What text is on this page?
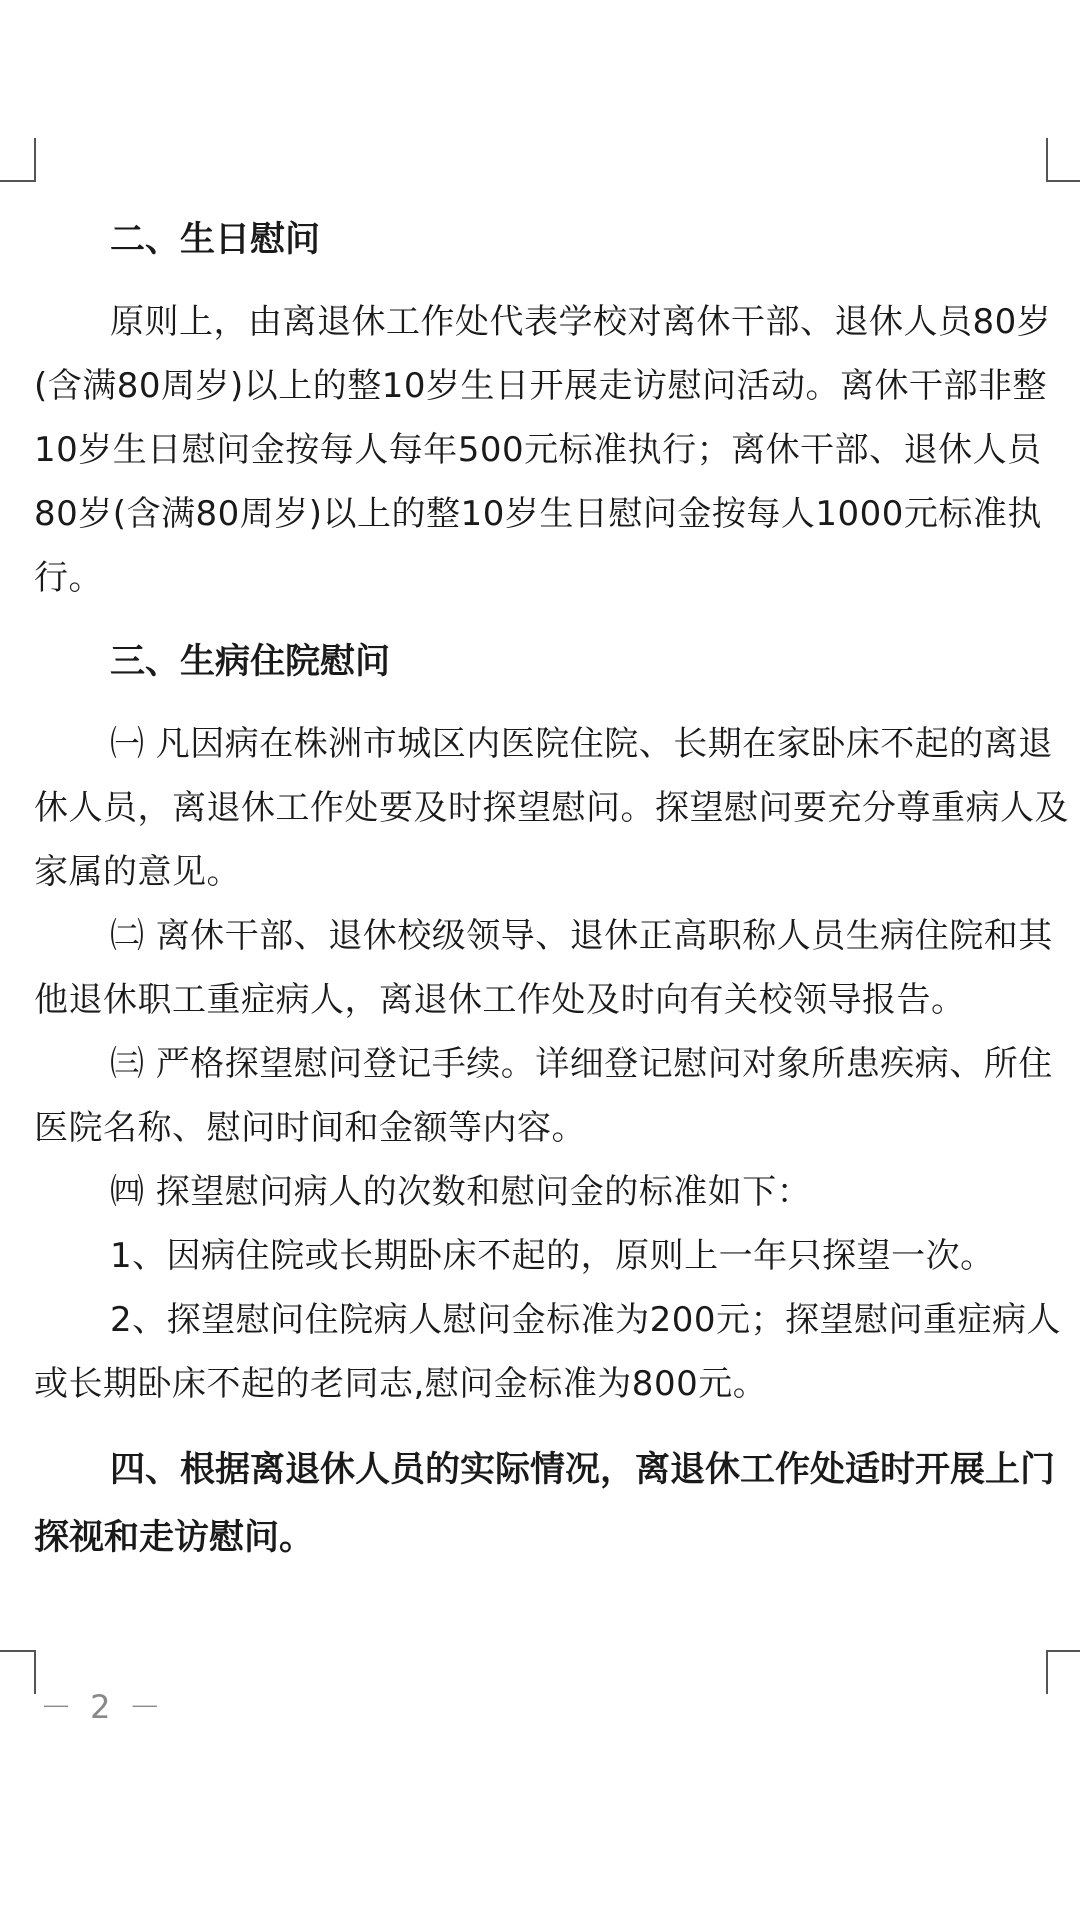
二、生日慰问

原则上，由离退休工作处代表学校对离休干部、退休人员80岁(含满80周岁)以上的整10岁生日开展走访慰问活动。离休干部非整10岁生日慰问金按每人每年500元标准执行；离休干部、退休人员80岁(含满80周岁)以上的整10岁生日慰问金按每人1000元标准执行。

三、生病住院慰问

㈠ 凡因病在株洲市城区内医院住院、长期在家卧床不起的离退休人员，离退休工作处要及时探望慰问。探望慰问要充分尊重病人及家属的意见。

㈡ 离休干部、退休校级领导、退休正高职称人员生病住院和其他退休职工重症病人，离退休工作处及时向有关校领导报告。

㈢ 严格探望慰问登记手续。详细登记慰问对象所患疾病、所住医院名称、慰问时间和金额等内容。

㈣ 探望慰问病人的次数和慰问金的标准如下：

1、因病住院或长期卧床不起的，原则上一年只探望一次。

2、探望慰问住院病人慰问金标准为200元；探望慰问重症病人或长期卧床不起的老同志,慰问金标准为800元。

四、根据离退休人员的实际情况，离退休工作处适时开展上门探视和走访慰问。

－ 2 －
